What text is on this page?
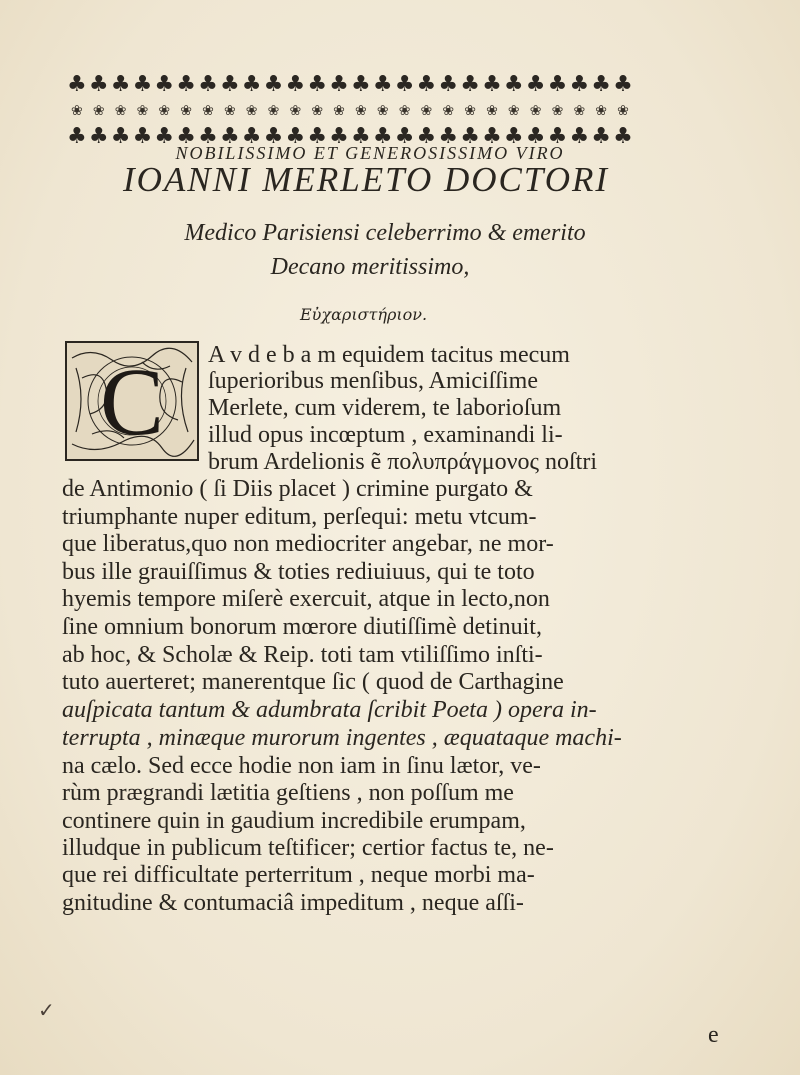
♣ ♣ ♣ ♣ ♣ ♣ ♣ ♣ ♣ ♣ ♣ ♣ ♣ ♣ ♣ ♣ ♣ ♣ ♣ ♣ ♣ ♣ ♣ ♣ ♣ ♣
❀ ❀ ❀ ❀ ❀ ❀ ❀ ❀ ❀ ❀ ❀ ❀ ❀ ❀ ❀ ❀ ❀ ❀ ❀ ❀ ❀ ❀ ❀ ❀ ❀ ❀
♣ ♣ ♣ ♣ ♣ ♣ ♣ ♣ ♣ ♣ ♣ ♣ ♣ ♣ ♣ ♣ ♣ ♣ ♣ ♣ ♣ ♣ ♣ ♣ ♣ ♣
NOBILISSIMO ET GENEROSISSIMO VIRO
IOANNI MERLETO DOCTORI
Medico Parisiensi celeberrimo & emerito
Decano meritissimo,
Εὐχαριστήριον.
C A v d e b a m equidem tacitus mecum
ſuperioribus menſibus, Amiciſſime
Merlete, cum viderem, te laborioſum
illud opus incœptum , examinandi li-
brum Ardelionis ẽ πολυπράγμονος noſtri
de Antimonio ( ſi Diis placet ) crimine purgato &
triumphante nuper editum, perſequi: metu vtcum-
que liberatus,quo non mediocriter angebar, ne mor-
bus ille grauiſſimus & toties rediuiuus, qui te toto
hyemis tempore miſerè exercuit, atque in lecto,non
ſine omnium bonorum mœrore diutiſſimè detinuit,
ab hoc, & Scholæ & Reip. toti tam vtiliſſimo inſti-
tuto auerteret; manerentque ſic ( quod de Carthagine
auſpicata tantum & adumbrata ſcribit Poeta ) opera in-
terrupta , minæque murorum ingentes , æquataque machi-
na cælo. Sed ecce hodie non iam in ſinu lætor, ve-
rùm prægrandi lætitia geſtiens , non poſſum me
continere quin in gaudium incredibile erumpam,
illudque in publicum teſtificer; certior factus te, ne-
que rei difficultate perterritum , neque morbi ma-
gnitudine & contumaciâ impeditum , neque aſſi-
✓
e
